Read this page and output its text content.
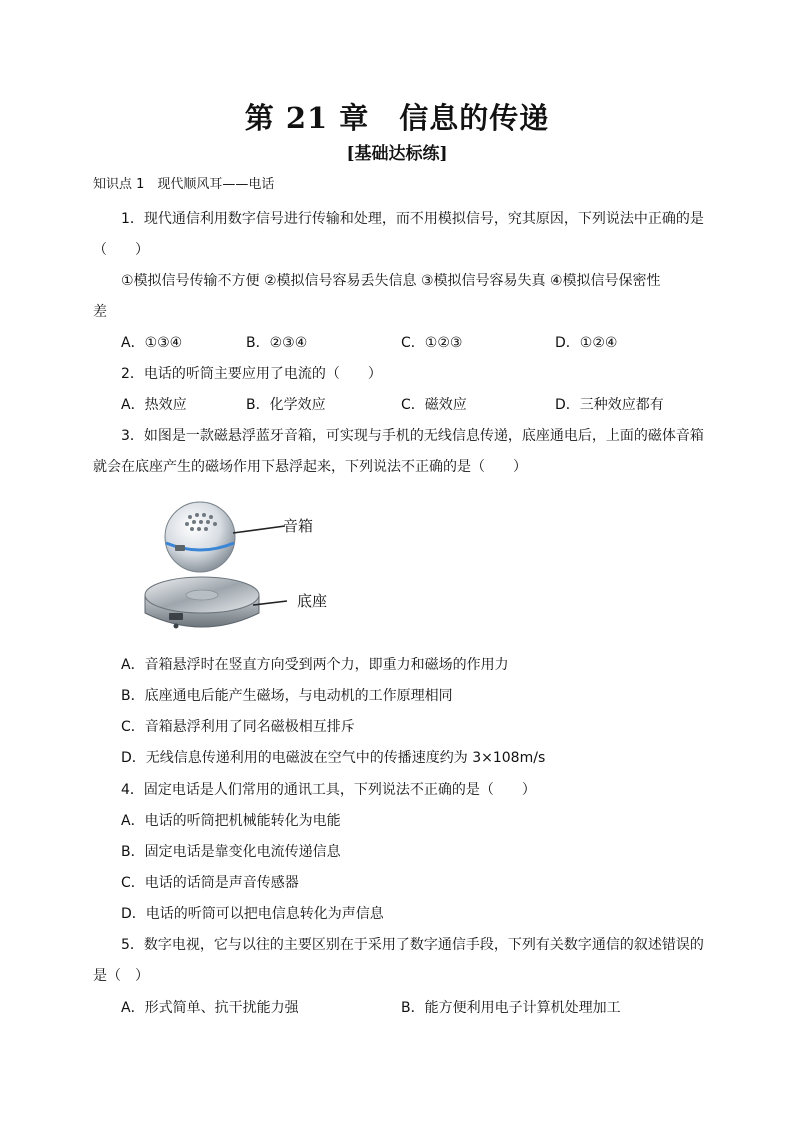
第 21 章　信息的传递
[基础达标练]
知识点 1　现代顺风耳——电话
1．现代通信利用数字信号进行传输和处理，而不用模拟信号，究其原因，下列说法中正确的是
（　　）
①模拟信号传输不方便 ②模拟信号容易丢失信息 ③模拟信号容易失真 ④模拟信号保密性
差
A．①③④	B．②③④	C．①②③	D．①②④
2．电话的听筒主要应用了电流的（　　）
A．热效应	B．化学效应	C．磁效应	D．三种效应都有
3．如图是一款磁悬浮蓝牙音箱，可实现与手机的无线信息传递，底座通电后，上面的磁体音箱
就会在底座产生的磁场作用下悬浮起来，下列说法不正确的是（　　）
音箱
底座
A．音箱悬浮时在竖直方向受到两个力，即重力和磁场的作用力
B．底座通电后能产生磁场，与电动机的工作原理相同
C．音箱悬浮利用了同名磁极相互排斥
D．无线信息传递利用的电磁波在空气中的传播速度约为 3×108m/s
4．固定电话是人们常用的通讯工具，下列说法不正确的是（　　）
A．电话的听筒把机械能转化为电能
B．固定电话是靠变化电流传递信息
C．电话的话筒是声音传感器
D．电话的听筒可以把电信息转化为声信息
5．数字电视，它与以往的主要区别在于采用了数字通信手段，下列有关数字通信的叙述错误的
是（　）
A．形式简单、抗干扰能力强	B．能方便利用电子计算机处理加工
